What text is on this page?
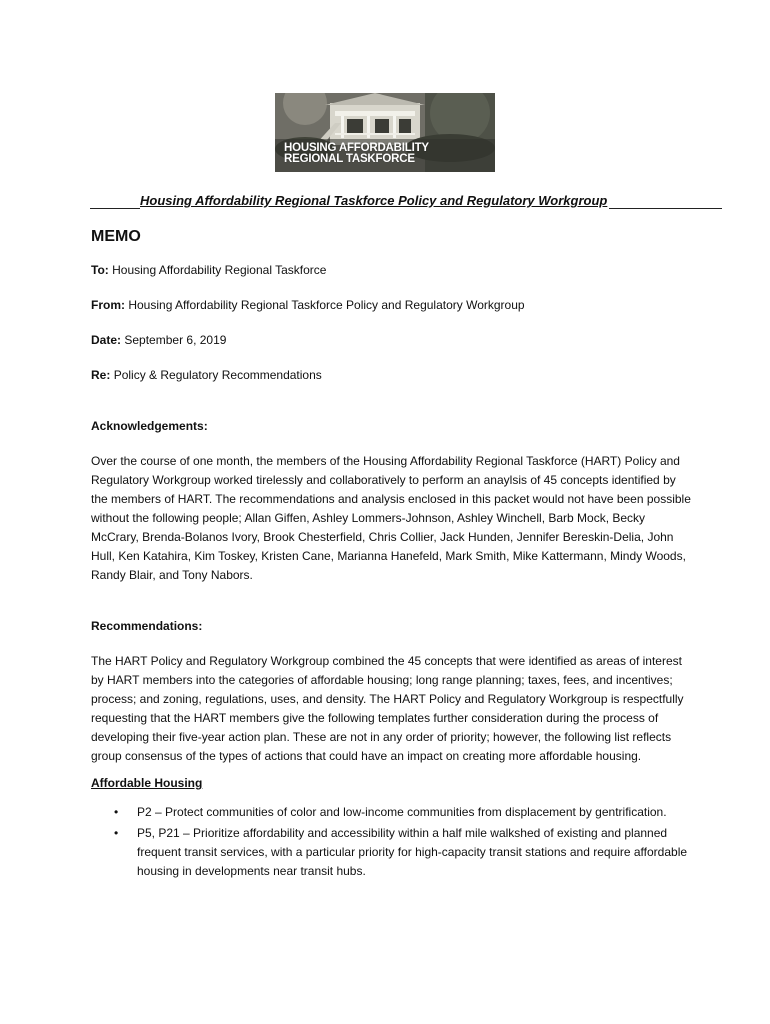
HOUSING AFFORDABILITY
REGIONAL TASKFORCE
Housing Affordability Regional Taskforce Policy and Regulatory Workgroup
MEMO
To: Housing Affordability Regional Taskforce
From: Housing Affordability Regional Taskforce Policy and Regulatory Workgroup
Date: September 6, 2019
Re: Policy & Regulatory Recommendations
Acknowledgements:

Over the course of one month, the members of the Housing Affordability Regional Taskforce (HART) Policy and Regulatory Workgroup worked tirelessly and collaboratively to perform an anaylsis of 45 concepts identified by the members of HART. The recommendations and analysis enclosed in this packet would not have been possible without the following people; Allan Giffen, Ashley Lommers-Johnson, Ashley Winchell, Barb Mock, Becky McCrary, Brenda-Bolanos Ivory, Brook Chesterfield, Chris Collier, Jack Hunden, Jennifer Bereskin-Delia, John Hull, Ken Katahira, Kim Toskey, Kristen Cane, Marianna Hanefeld, Mark Smith, Mike Kattermann, Mindy Woods, Randy Blair, and Tony Nabors.

Recommendations:

The HART Policy and Regulatory Workgroup combined the 45 concepts that were identified as areas of interest by HART members into the categories of affordable housing; long range planning; taxes, fees, and incentives; process; and zoning, regulations, uses, and density. The HART Policy and Regulatory Workgroup is respectfully requesting that the HART members give the following templates further consideration during the process of developing their five-year action plan. These are not in any order of priority; however, the following list reflects group consensus of the types of actions that could have an impact on creating more affordable housing.

Affordable Housing
• P2 – Protect communities of color and low-income communities from displacement by gentrification.
• P5, P21 – Prioritize affordability and accessibility within a half mile walkshed of existing and planned frequent transit services, with a particular priority for high-capacity transit stations and require affordable housing in developments near transit hubs.
